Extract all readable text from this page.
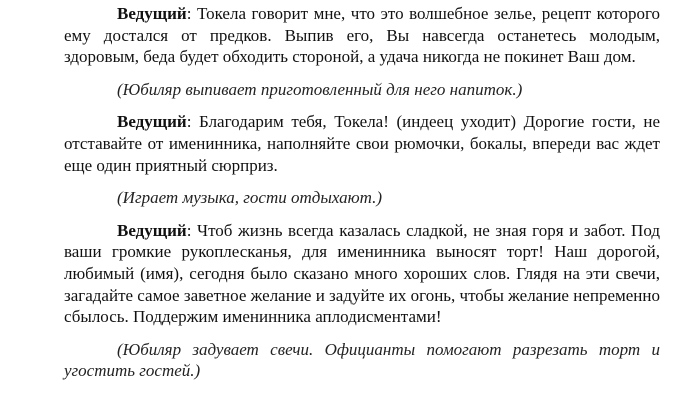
Ведущий: Токела говорит мне, что это волшебное зелье, рецепт которого ему достался от предков. Выпив его, Вы навсегда останетесь молодым, здоровым, беда будет обходить стороной, а удача никогда не покинет Ваш дом.

(Юбиляр выпивает приготовленный для него напиток.)

Ведущий: Благодарим тебя, Токела! (индеец уходит) Дорогие гости, не отставайте от именинника, наполняйте свои рюмочки, бокалы, впереди вас ждет еще один приятный сюрприз.

(Играет музыка, гости отдыхают.)

Ведущий: Чтоб жизнь всегда казалась сладкой, не зная горя и забот. Под ваши громкие рукоплесканья, для именинника выносят торт! Наш дорогой, любимый (имя), сегодня было сказано много хороших слов. Глядя на эти свечи, загадайте самое заветное желание и задуйте их огонь, чтобы желание непременно сбылось. Поддержим именинника аплодисментами!

(Юбиляр задувает свечи. Официанты помогают разрезать торт и угостить гостей.)
